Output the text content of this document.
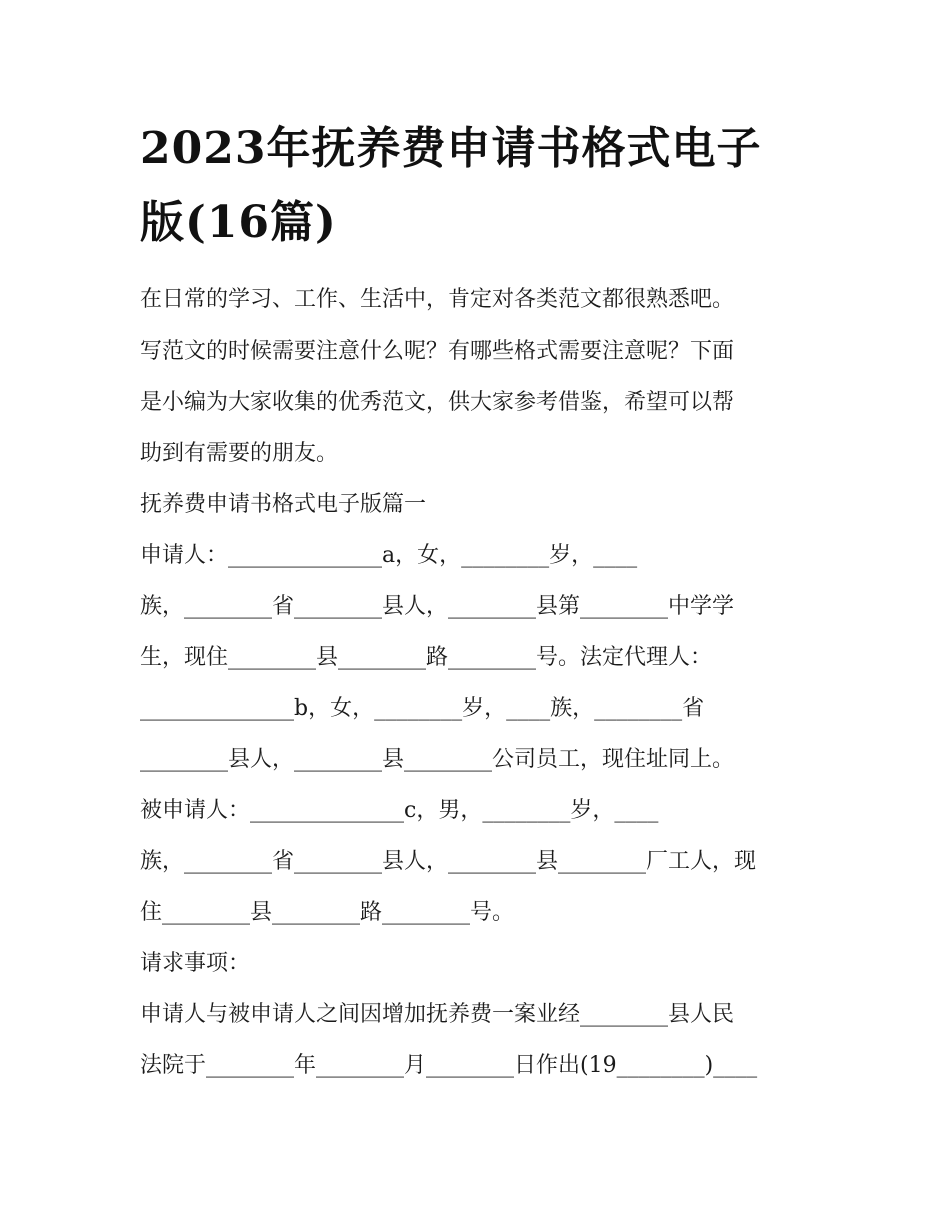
2023年抚养费申请书格式电子
版(16篇)

在日常的学习、工作、生活中，肯定对各类范文都很熟悉吧。

写范文的时候需要注意什么呢？有哪些格式需要注意呢？下面

是小编为大家收集的优秀范文，供大家参考借鉴，希望可以帮

助到有需要的朋友。

抚养费申请书格式电子版篇一

申请人：______________a，女，________岁，____

族，________省________县人，________县第________中学学

生，现住________县________路________号。法定代理人：

______________b，女，________岁，____族，________省

________县人，________县________公司员工，现住址同上。

被申请人：______________c，男，________岁，____

族，________省________县人，________县________厂工人，现

住________县________路________号。

请求事项：

申请人与被申请人之间因增加抚养费一案业经________县人民

法院于________年________月________日作出(19________)____
